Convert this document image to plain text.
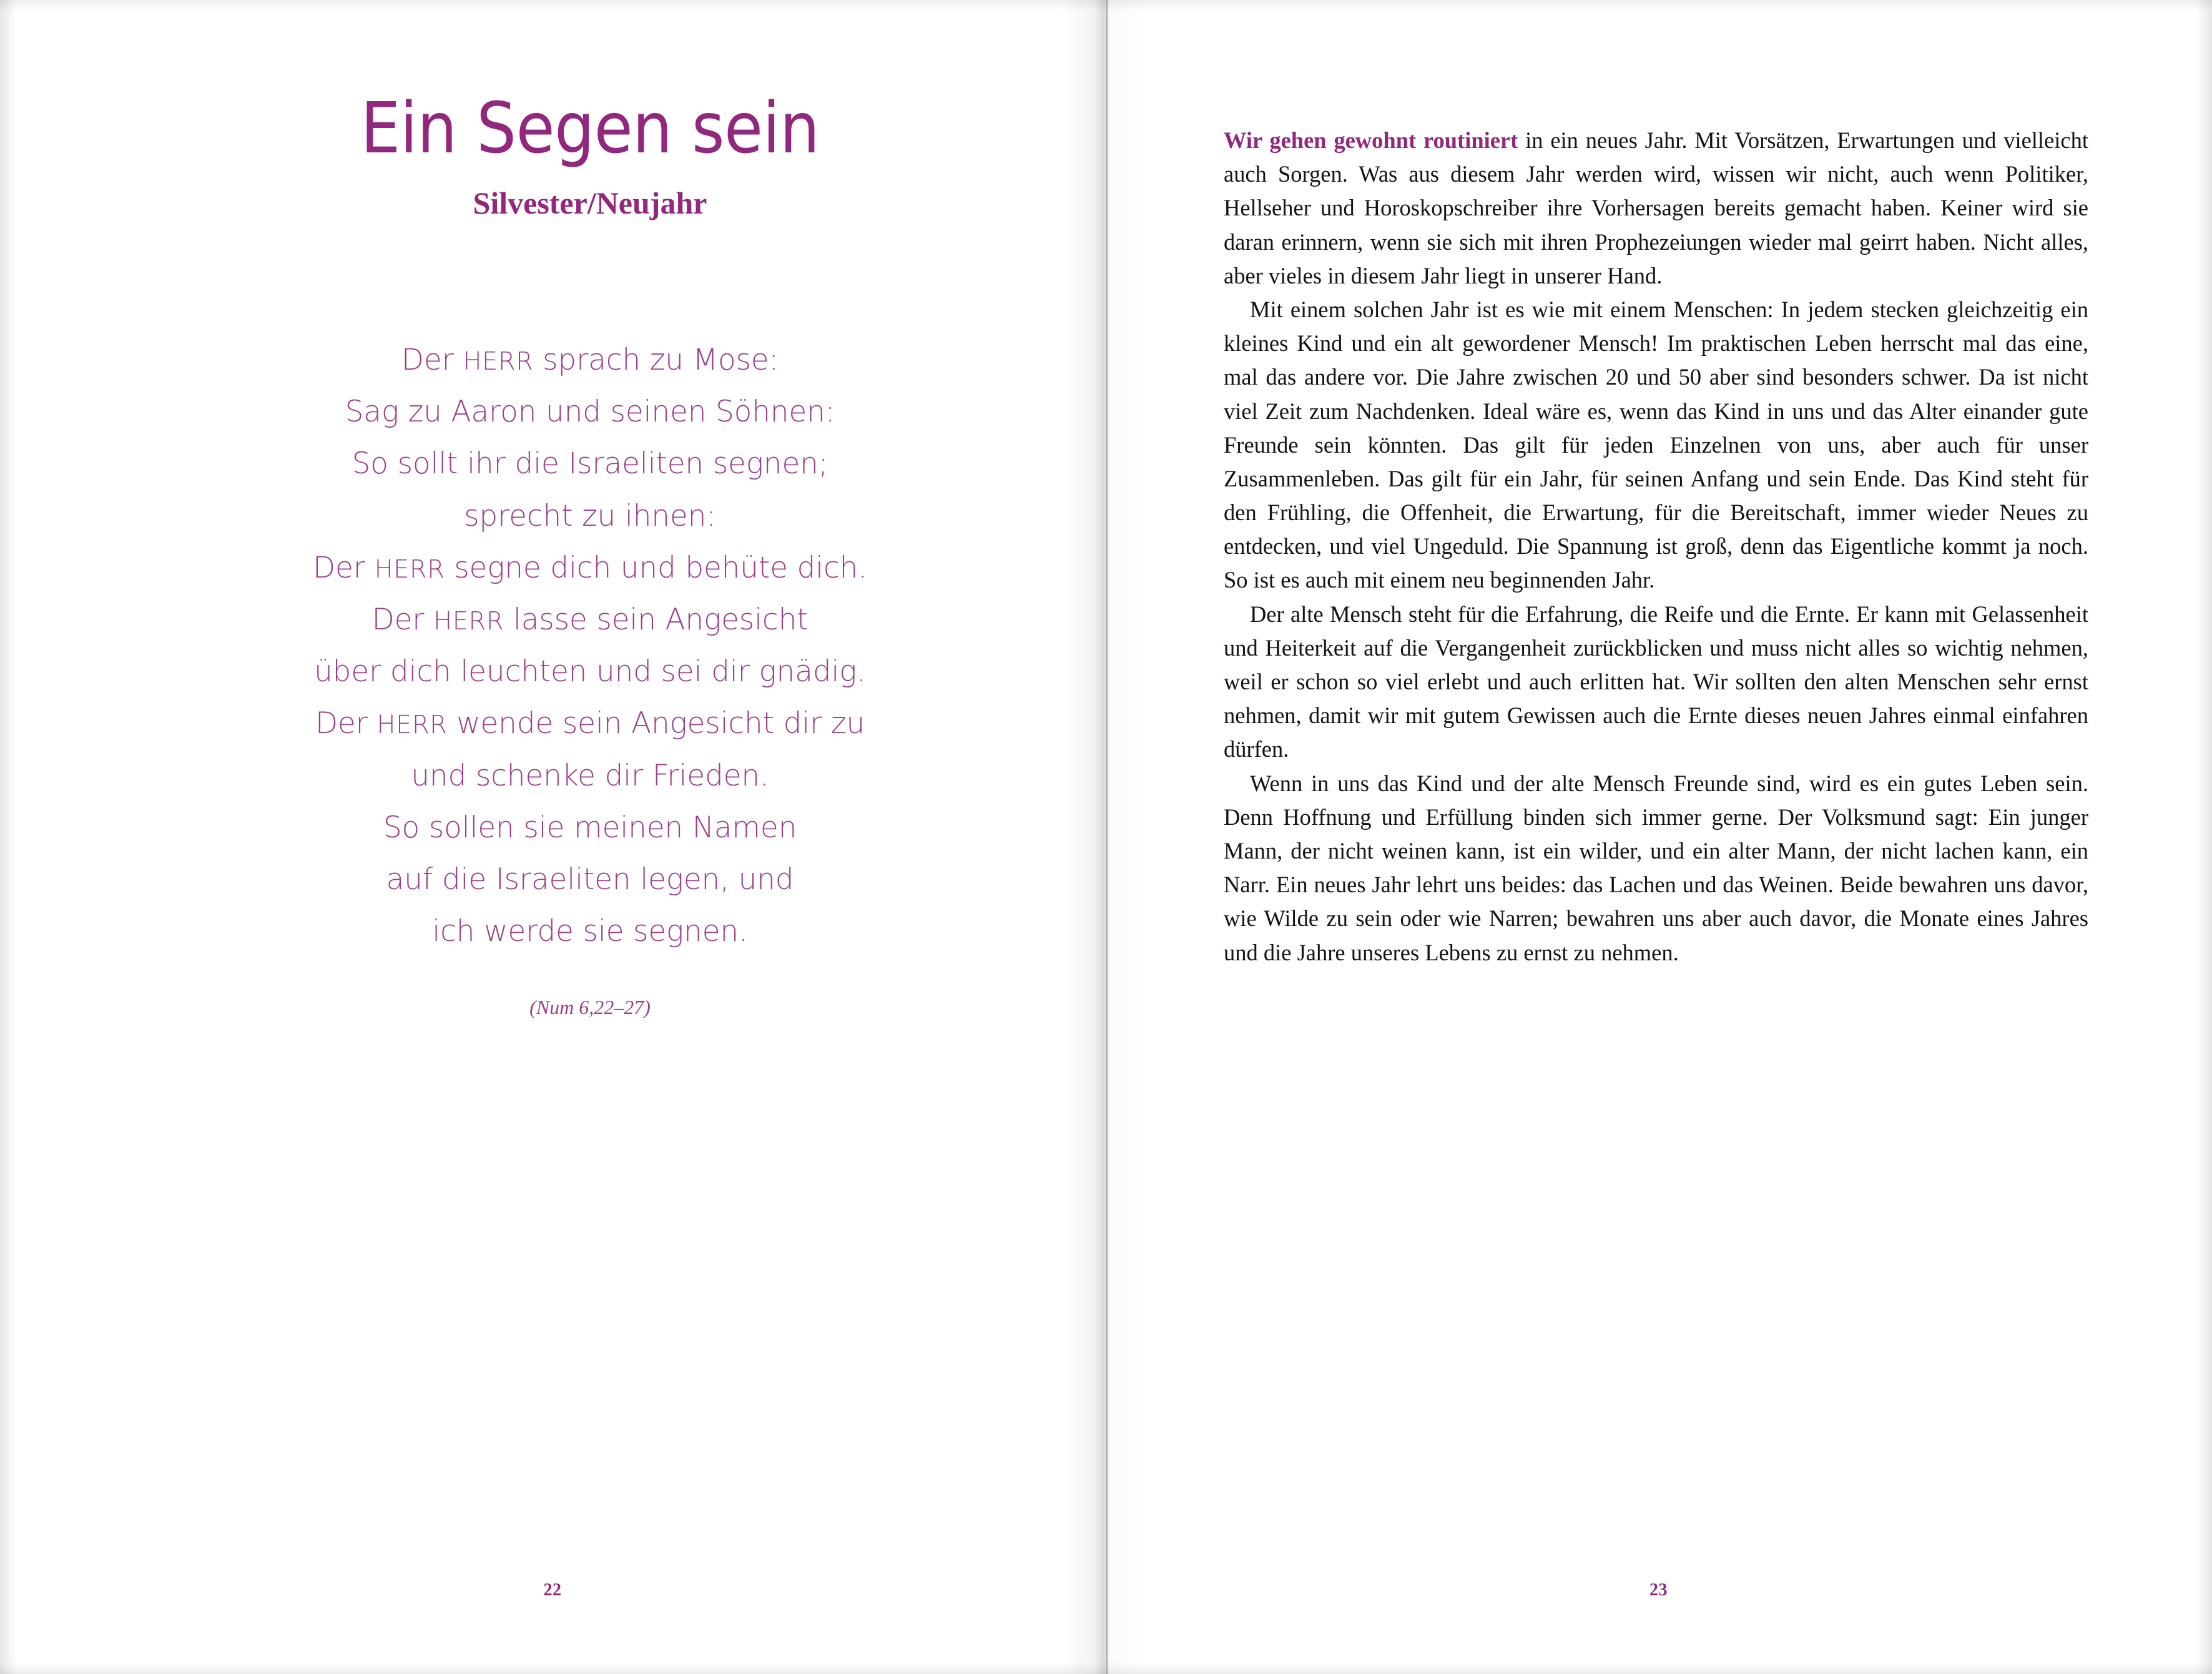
Ein Segen sein
Silvester/Neujahr
Der HERR sprach zu Mose:
Sag zu Aaron und seinen Söhnen:
So sollt ihr die Israeliten segnen;
sprecht zu ihnen:
Der HERR segne dich und behüte dich.
Der HERR lasse sein Angesicht
über dich leuchten und sei dir gnädig.
Der HERR wende sein Angesicht dir zu
und schenke dir Frieden.
So sollen sie meinen Namen
auf die Israeliten legen, und
ich werde sie segnen.
(Num 6,22–27)
22

Wir gehen gewohnt routiniert in ein neues Jahr. Mit Vorsätzen, Erwartungen und vielleicht auch Sorgen. Was aus diesem Jahr werden wird, wissen wir nicht, auch wenn Politiker, Hellseher und Horoskopschreiber ihre Vorhersagen bereits gemacht haben. Keiner wird sie daran erinnern, wenn sie sich mit ihren Prophezeiungen wieder mal geirrt haben. Nicht alles, aber vieles in diesem Jahr liegt in unserer Hand.

Mit einem solchen Jahr ist es wie mit einem Menschen: In jedem stecken gleichzeitig ein kleines Kind und ein alt gewordener Mensch! Im praktischen Leben herrscht mal das eine, mal das andere vor. Die Jahre zwischen 20 und 50 aber sind besonders schwer. Da ist nicht viel Zeit zum Nachdenken. Ideal wäre es, wenn das Kind in uns und das Alter einander gute Freunde sein könnten. Das gilt für jeden Einzelnen von uns, aber auch für unser Zusammenleben. Das gilt für ein Jahr, für seinen Anfang und sein Ende. Das Kind steht für den Frühling, die Offenheit, die Erwartung, für die Bereitschaft, immer wieder Neues zu entdecken, und viel Ungeduld. Die Spannung ist groß, denn das Eigentliche kommt ja noch. So ist es auch mit einem neu beginnenden Jahr.

Der alte Mensch steht für die Erfahrung, die Reife und die Ernte. Er kann mit Gelassenheit und Heiterkeit auf die Vergangenheit zurückblicken und muss nicht alles so wichtig nehmen, weil er schon so viel erlebt und auch erlitten hat. Wir sollten den alten Menschen sehr ernst nehmen, damit wir mit gutem Gewissen auch die Ernte dieses neuen Jahres einmal einfahren dürfen.

Wenn in uns das Kind und der alte Mensch Freunde sind, wird es ein gutes Leben sein. Denn Hoffnung und Erfüllung binden sich immer gerne. Der Volksmund sagt: Ein junger Mann, der nicht weinen kann, ist ein wilder, und ein alter Mann, der nicht lachen kann, ein Narr. Ein neues Jahr lehrt uns beides: das Lachen und das Weinen. Beide bewahren uns davor, wie Wilde zu sein oder wie Narren; bewahren uns aber auch davor, die Monate eines Jahres und die Jahre unseres Lebens zu ernst zu nehmen.

23
